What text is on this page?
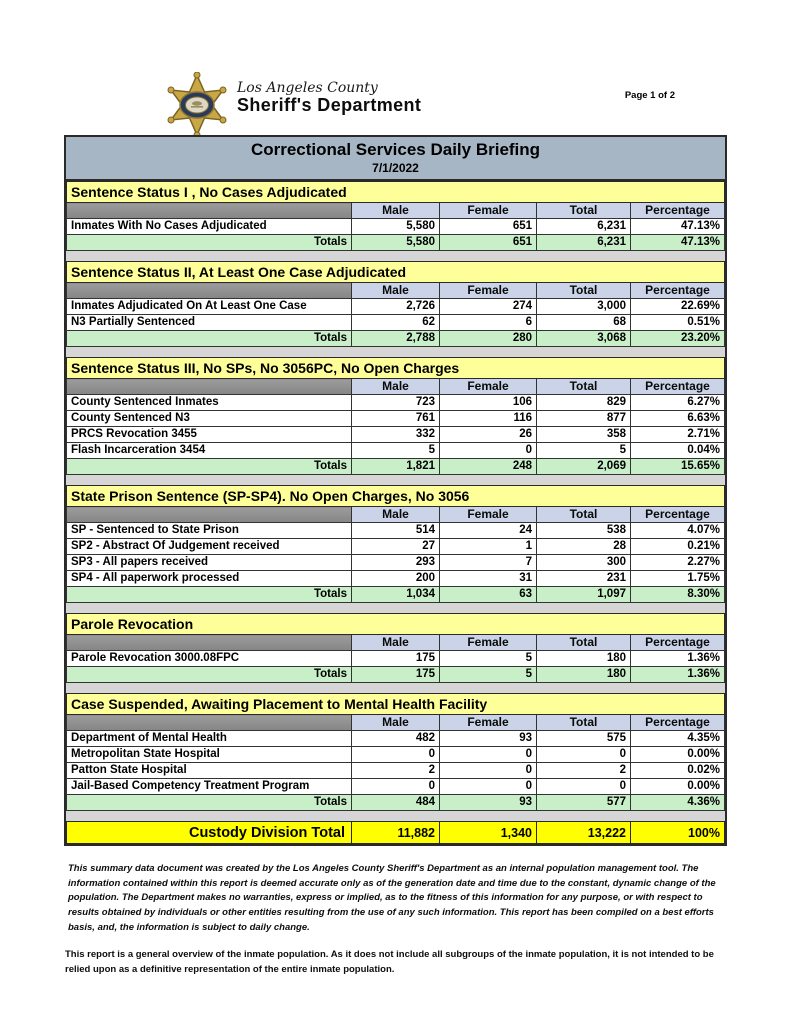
Los Angeles County
Sheriff's Department	Page 1 of 2
Correctional Services Daily Briefing
7/1/2022
Sentence Status I , No Cases Adjudicated				
	Male	Female	Total	Percentage
Inmates With No Cases Adjudicated	5,580	651	6,231	47.13%
Totals	5,580	651	6,231	47.13%
Sentence Status II, At Least One Case Adjudicated				
	Male	Female	Total	Percentage
Inmates Adjudicated On At Least One Case	2,726	274	3,000	22.69%
N3 Partially Sentenced	62	6	68	0.51%
Totals	2,788	280	3,068	23.20%
Sentence Status III, No SPs, No 3056PC, No Open Charges				
	Male	Female	Total	Percentage
County Sentenced Inmates	723	106	829	6.27%
County Sentenced N3	761	116	877	6.63%
PRCS Revocation 3455	332	26	358	2.71%
Flash Incarceration 3454	5	0	5	0.04%
Totals	1,821	248	2,069	15.65%
State Prison Sentence (SP-SP4). No Open Charges, No 3056				
	Male	Female	Total	Percentage
SP - Sentenced to State Prison	514	24	538	4.07%
SP2 - Abstract Of Judgement received	27	1	28	0.21%
SP3 - All papers received	293	7	300	2.27%
SP4 - All paperwork processed	200	31	231	1.75%
Totals	1,034	63	1,097	8.30%
Parole Revocation				
	Male	Female	Total	Percentage
Parole Revocation 3000.08FPC	175	5	180	1.36%
Totals	175	5	180	1.36%
Case Suspended, Awaiting Placement to Mental Health Facility				
	Male	Female	Total	Percentage
Department of Mental Health	482	93	575	4.35%
Metropolitan State Hospital	0	0	0	0.00%
Patton State Hospital	2	0	2	0.02%
Jail-Based Competency Treatment Program	0	0	0	0.00%
Totals	484	93	577	4.36%
Custody Division Total	11,882	1,340	13,222	100%

This summary data document was created by the Los Angeles County Sheriff's Department as an internal population management tool. The information contained within this report is deemed accurate only as of the generation date and time due to the constant, dynamic change of the population. The Department makes no warranties, express or implied, as to the fitness of this information for any purpose, or with respect to results obtained by individuals or other entities resulting from the use of any such information. This report has been compiled on a best efforts basis, and, the information is subject to daily change.

This report is a general overview of the inmate population. As it does not include all subgroups of the inmate population, it is not intended to be relied upon as a definitive representation of the entire inmate population.
